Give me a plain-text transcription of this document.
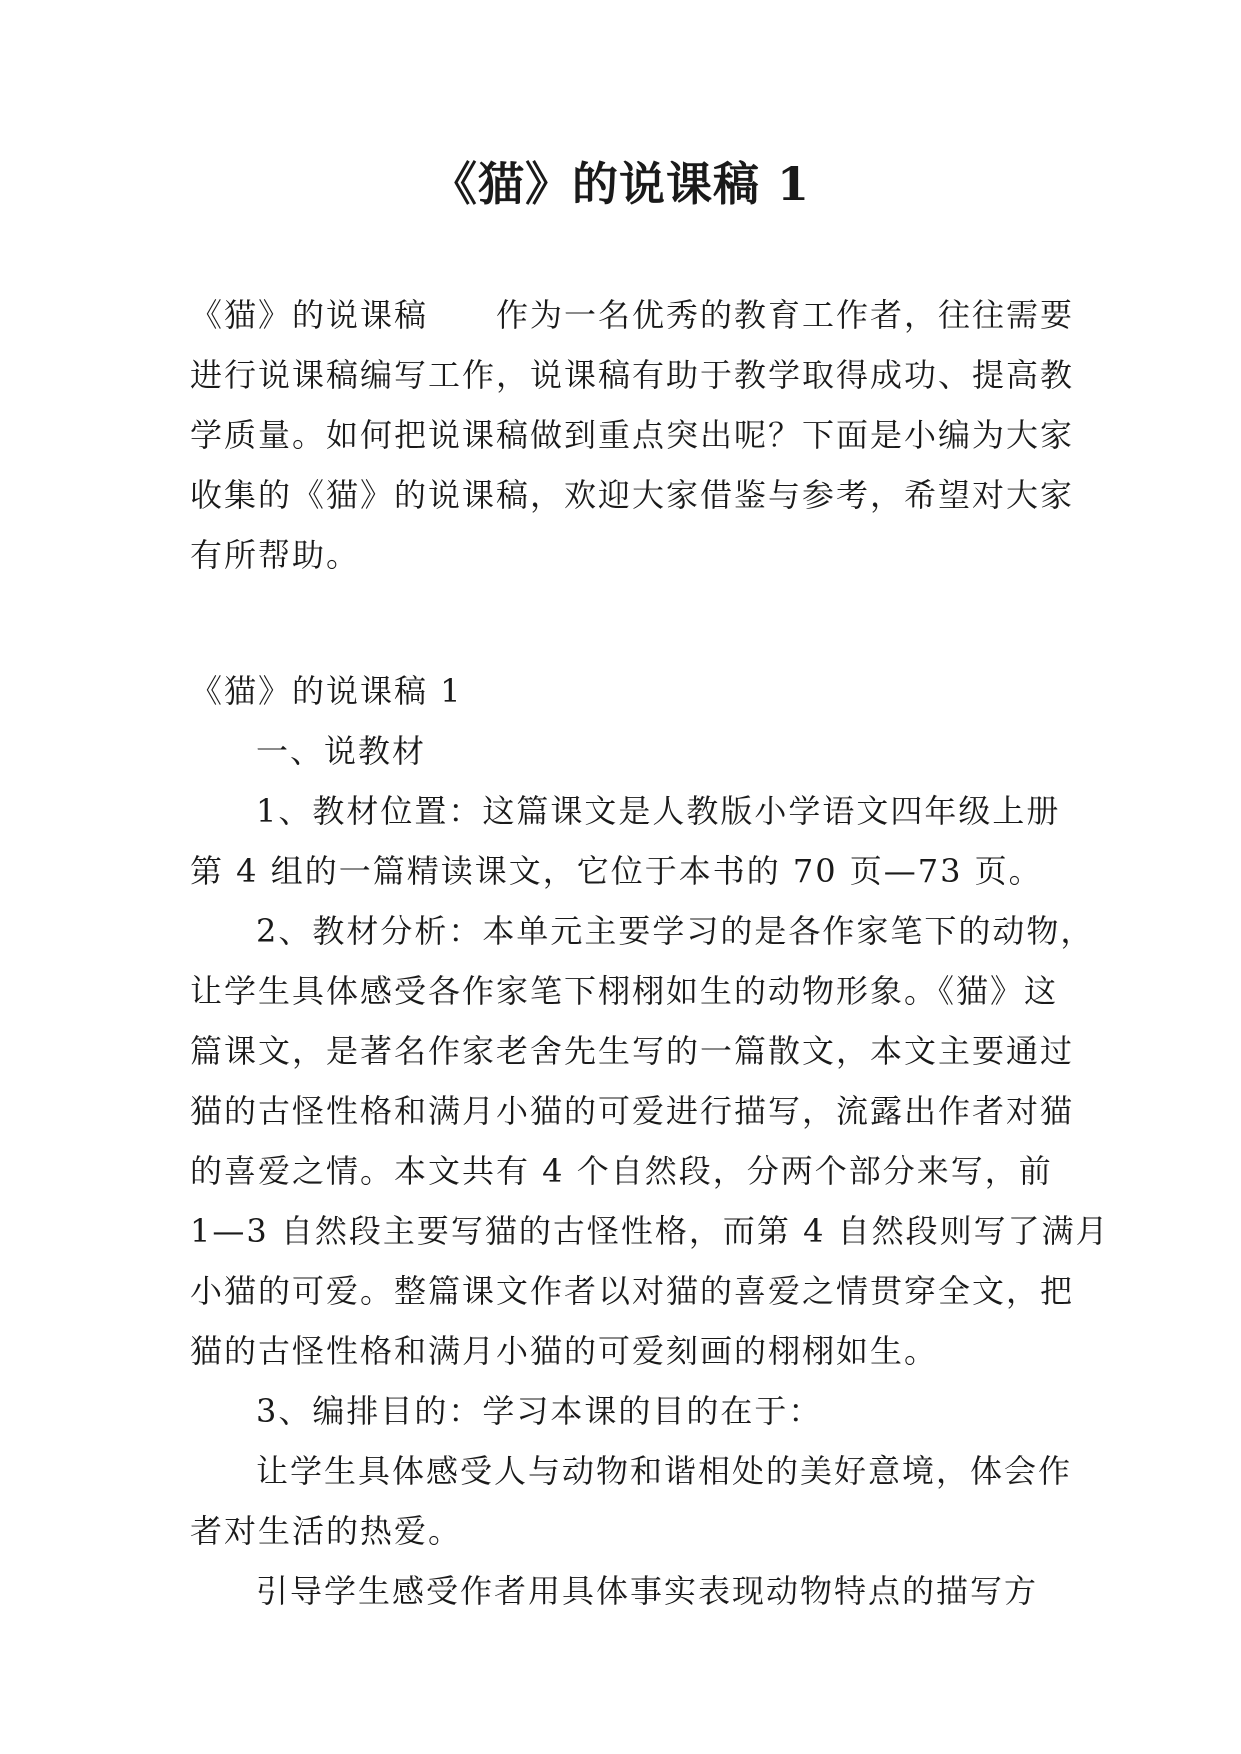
《猫》的说课稿 1
《猫》的说课稿　　作为一名优秀的教育工作者，往往需要
进行说课稿编写工作，说课稿有助于教学取得成功、提高教
学质量。如何把说课稿做到重点突出呢？下面是小编为大家
收集的《猫》的说课稿，欢迎大家借鉴与参考，希望对大家
有所帮助。
《猫》的说课稿 1
一、说教材
1、教材位置：这篇课文是人教版小学语文四年级上册
第 4 组的一篇精读课文，它位于本书的 70 页—73 页。
2、教材分析：本单元主要学习的是各作家笔下的动物，
让学生具体感受各作家笔下栩栩如生的动物形象。《猫》这
篇课文，是著名作家老舍先生写的一篇散文，本文主要通过
猫的古怪性格和满月小猫的可爱进行描写，流露出作者对猫
的喜爱之情。本文共有 4 个自然段，分两个部分来写，前
1—3 自然段主要写猫的古怪性格，而第 4 自然段则写了满月
小猫的可爱。整篇课文作者以对猫的喜爱之情贯穿全文，把
猫的古怪性格和满月小猫的可爱刻画的栩栩如生。
3、编排目的：学习本课的目的在于：
让学生具体感受人与动物和谐相处的美好意境，体会作
者对生活的热爱。
引导学生感受作者用具体事实表现动物特点的描写方
